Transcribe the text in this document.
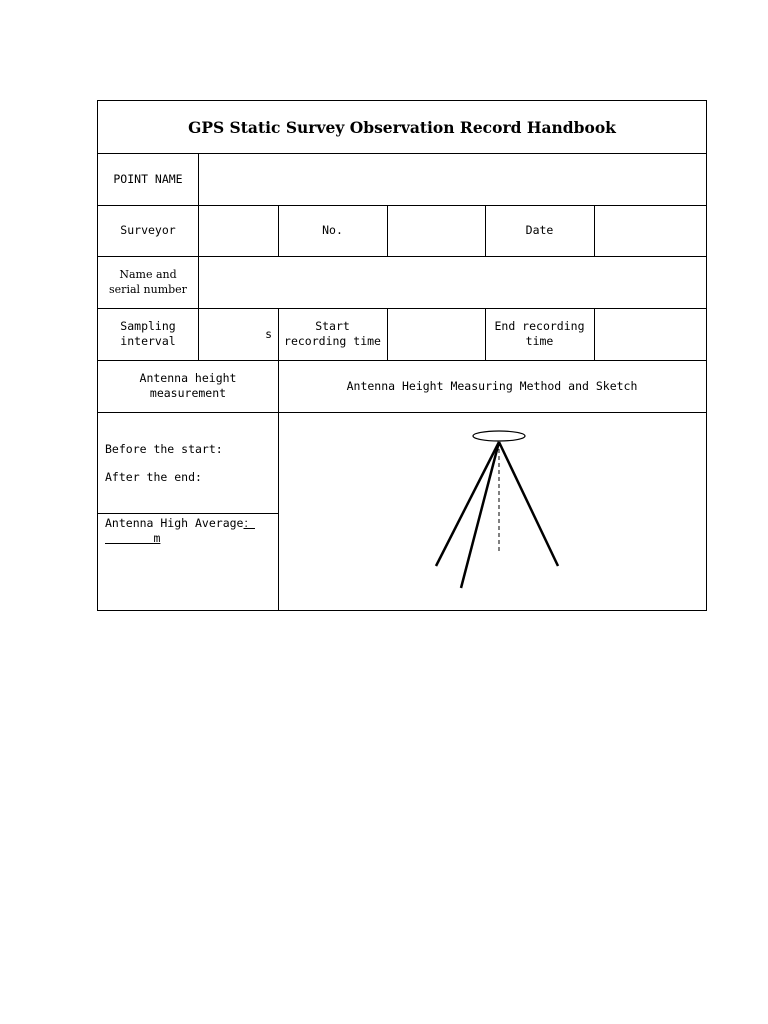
GPS Static Survey Observation Record Handbook
POINT NAME
Surveyor	No.	Date
Name and
serial number
Sampling
interval
s
Start
recording time
End recording
time
Antenna height
measurement
Antenna Height Measuring Method and Sketch
Before the start:
After the end:
Antenna High Average：
m
